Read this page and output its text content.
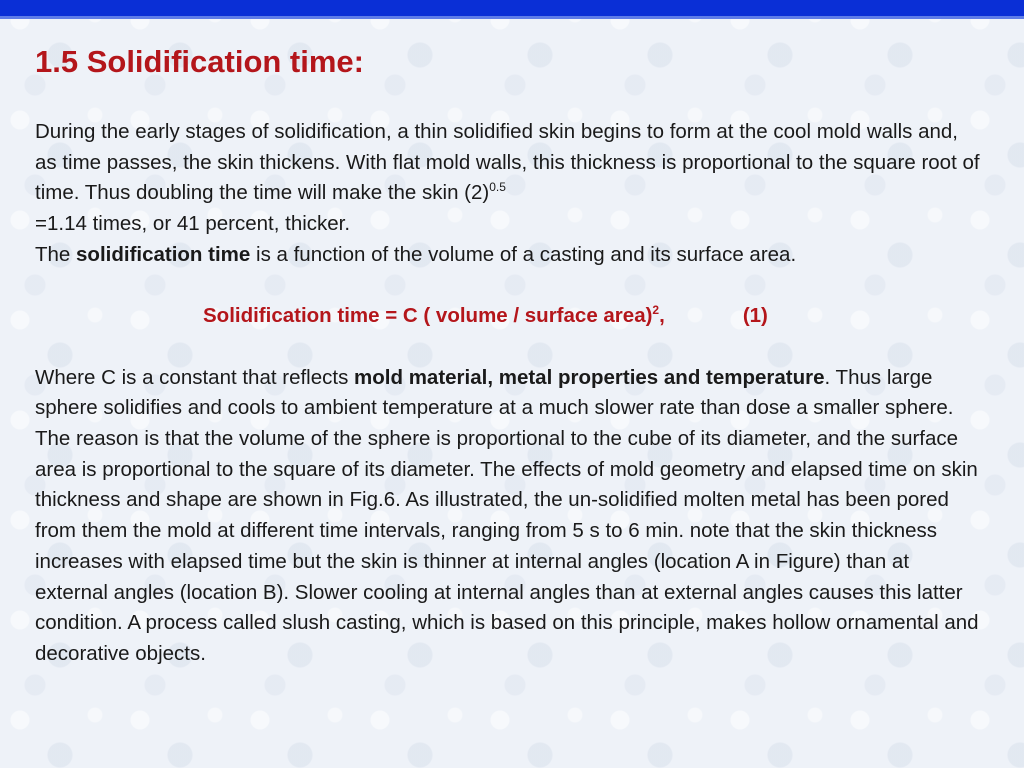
1.5 Solidification time:

During the early stages of solidification, a thin solidified skin begins to form at the cool mold walls and, as time passes, the skin thickens. With flat mold walls, this thickness is proportional to the square root of time. Thus doubling the time will make the skin $(2)^{0.5}$
=1.14 times, or 41 percent, thicker.

The solidification time is a function of the volume of a casting and its surface area.

Solidification time = C ( volume / surface area)$^2$,	(1)

Where C is a constant that reflects mold material, metal properties and temperature. Thus large sphere solidifies and cools to ambient temperature at a much slower rate than dose a smaller sphere. The reason is that the volume of the sphere is proportional to the cube of its diameter, and the surface area is proportional to the square of its diameter. The effects of mold geometry and elapsed time on skin thickness and shape are shown in Fig.6. As illustrated, the un-solidified molten metal has been pored from them the mold at different time intervals, ranging from 5 s to 6 min. note that the skin thickness increases with elapsed time but the skin is thinner at internal angles (location A in Figure) than at external angles (location B). Slower cooling at internal angles than at external angles causes this latter condition. A process called slush casting, which is based on this principle, makes hollow ornamental and decorative objects.
